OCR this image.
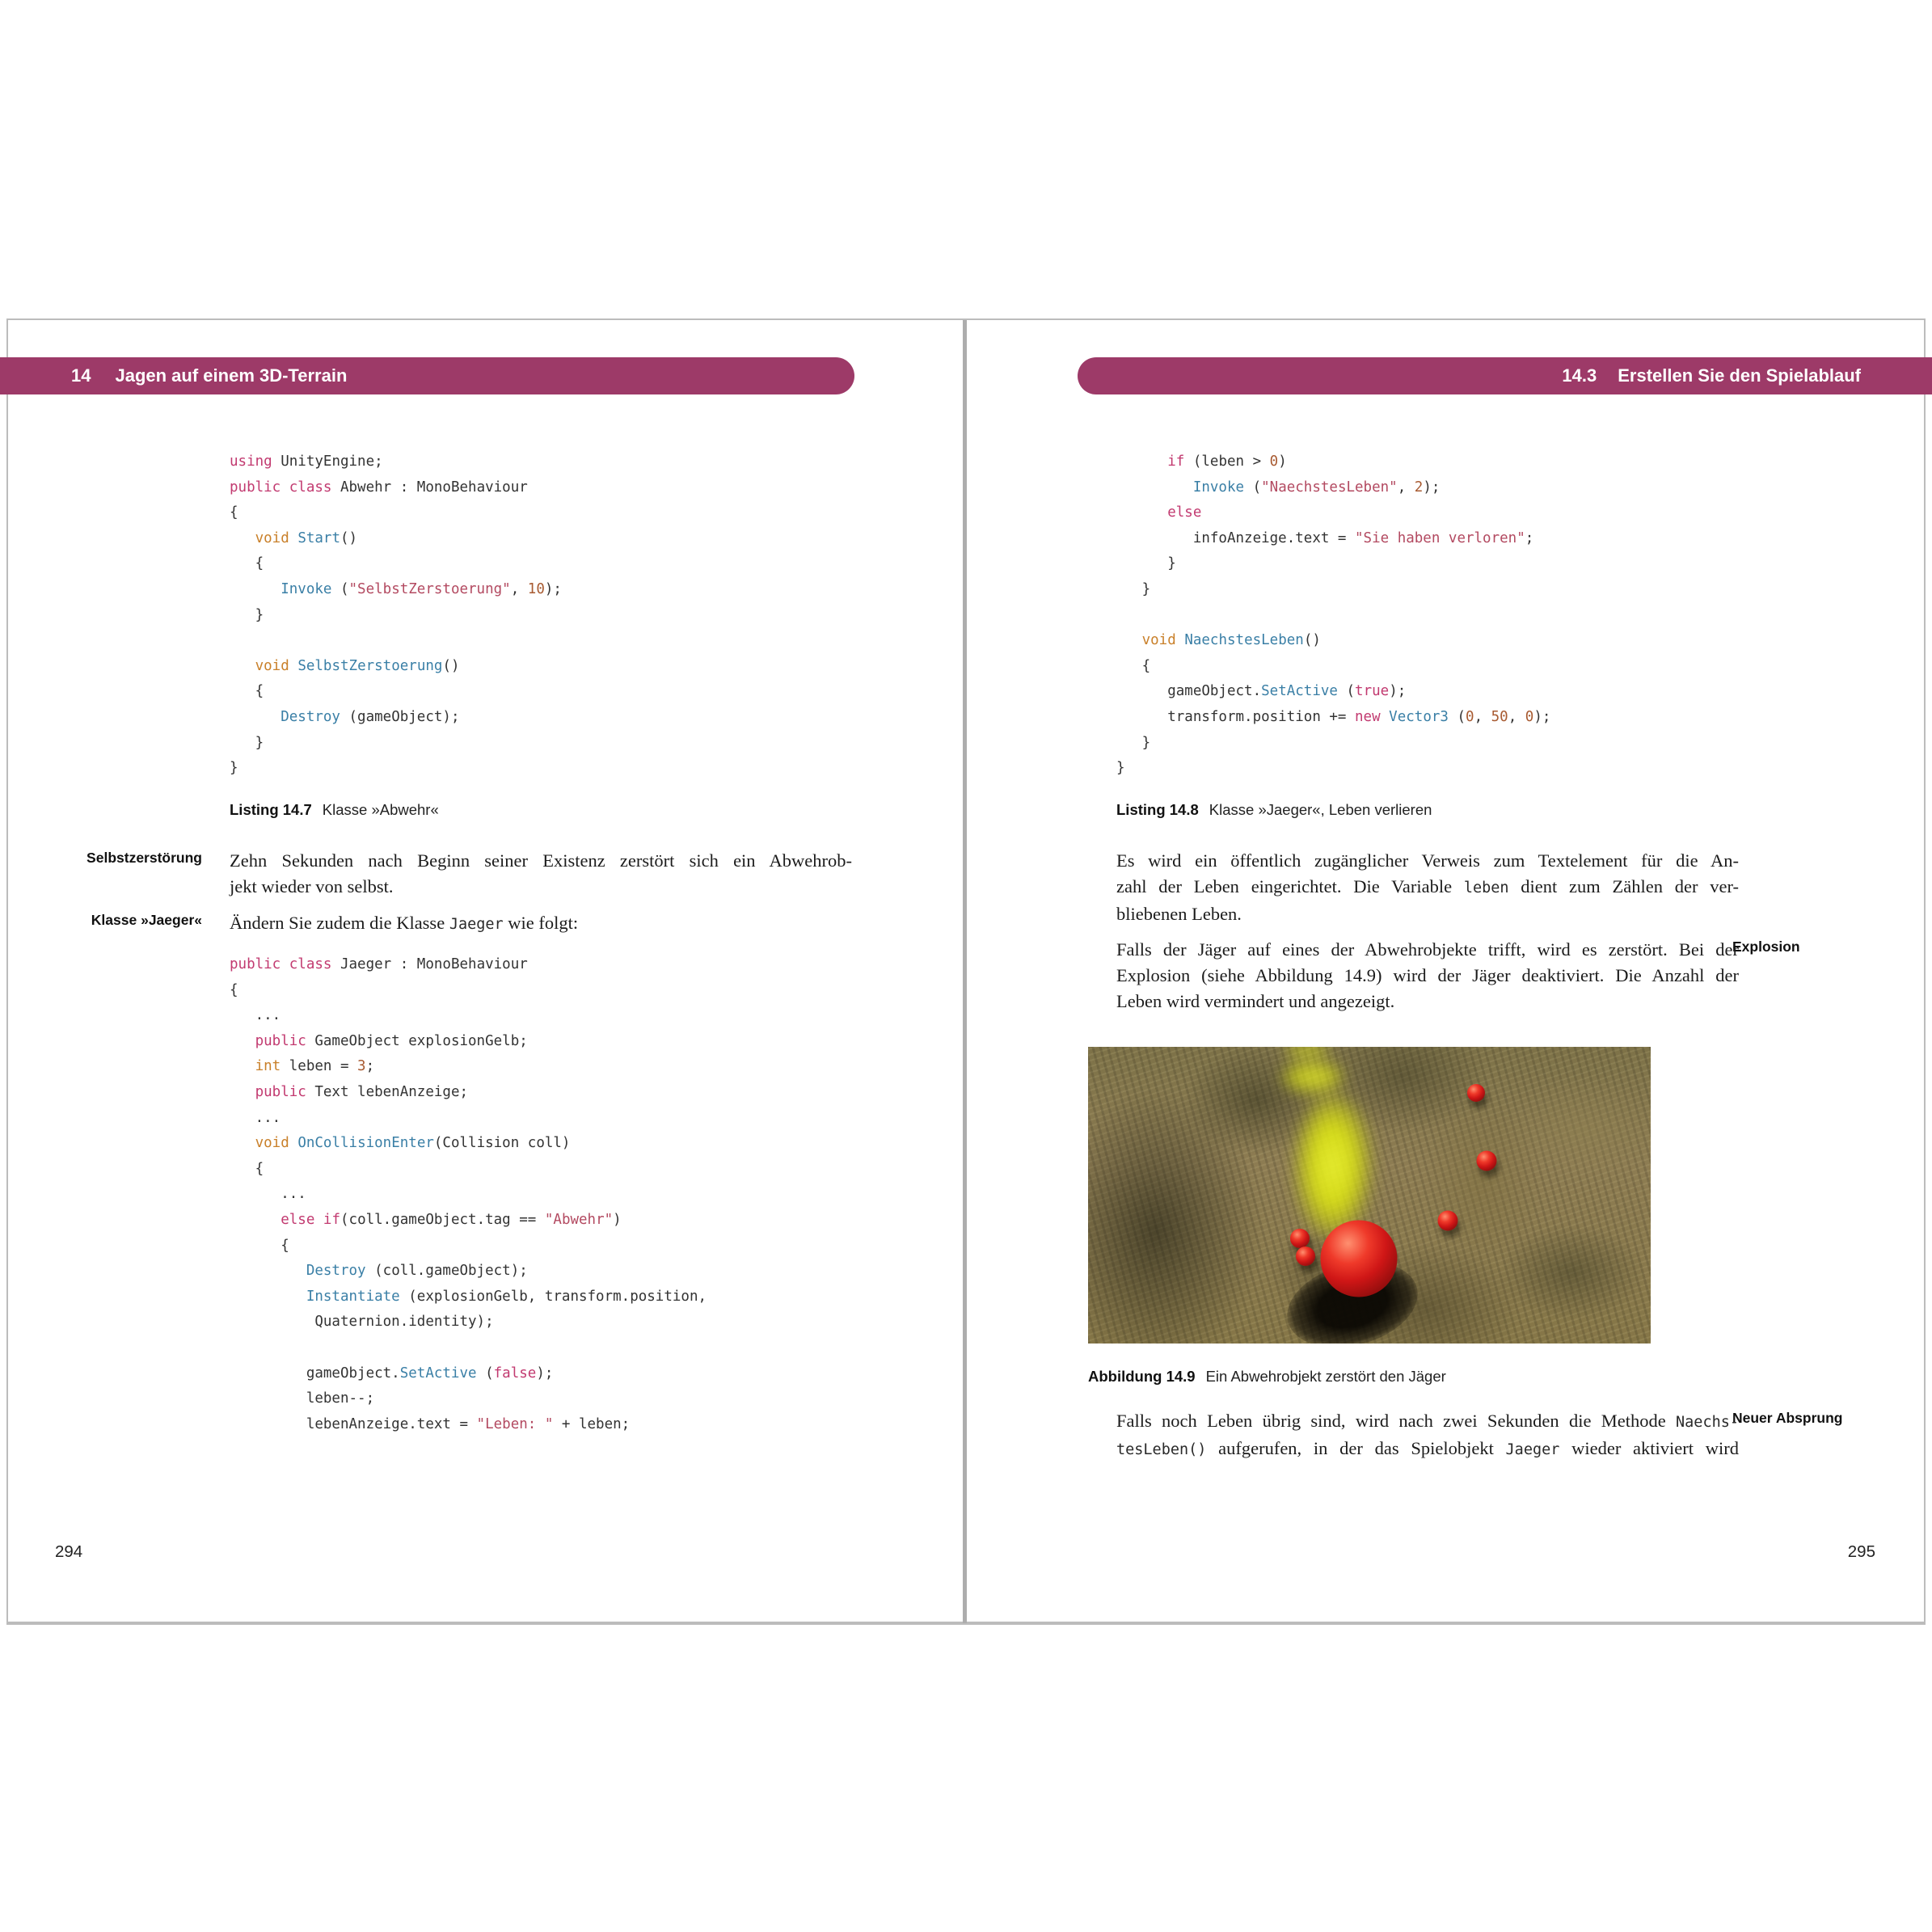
14 Jagen auf einem 3D-Terrain	14.3 Erstellen Sie den Spielablauf
using UnityEngine;
public class Abwehr : MonoBehaviour
{
void Start()
{
Invoke ("SelbstZerstoerung", 10);
}
void SelbstZerstoerung()
{
Destroy (gameObject);
}
}
Listing 14.7 Klasse »Abwehr«
Selbstzerstörung Zehn Sekunden nach Beginn seiner Existenz zerstört sich ein Abwehrob-
jekt wieder von selbst.
Klasse »Jaeger« Ändern Sie zudem die Klasse Jaeger wie folgt:
public class Jaeger : MonoBehaviour
{
...
public GameObject explosionGelb;
int leben = 3;
public Text lebenAnzeige;
...
void OnCollisionEnter(Collision coll)
{
...
else if(coll.gameObject.tag == "Abwehr")
{
Destroy (coll.gameObject);
Instantiate (explosionGelb, transform.position,
Quaternion.identity);
gameObject.SetActive (false);
leben--;
lebenAnzeige.text = "Leben: " + leben;
294
if (leben > 0)
Invoke ("NaechstesLeben", 2);
else
infoAnzeige.text = "Sie haben verloren";
}
}
void NaechstesLeben()
{
gameObject.SetActive (true);
transform.position += new Vector3 (0, 50, 0);
}
}
Listing 14.8 Klasse »Jaeger«, Leben verlieren
Es wird ein öffentlich zugänglicher Verweis zum Textelement für die An-
zahl der Leben eingerichtet. Die Variable leben dient zum Zählen der ver-
bliebenen Leben.
Explosion
Falls der Jäger auf eines der Abwehrobjekte trifft, wird es zerstört. Bei der
Explosion (siehe Abbildung 14.9) wird der Jäger deaktiviert. Die Anzahl der
Leben wird vermindert und angezeigt.
Abbildung 14.9 Ein Abwehrobjekt zerstört den Jäger
Neuer Absprung
Falls noch Leben übrig sind, wird nach zwei Sekunden die Methode Naechs-
tesLeben() aufgerufen, in der das Spielobjekt Jaeger wieder aktiviert wird
295
